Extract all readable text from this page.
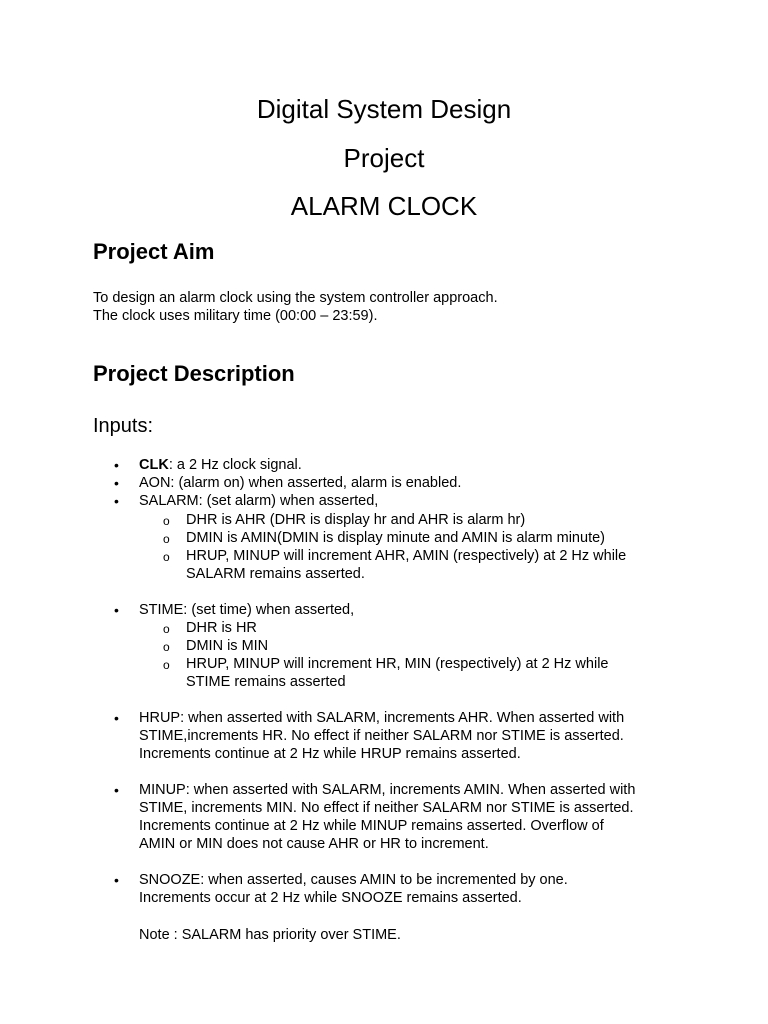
Digital System Design
Project
ALARM CLOCK
Project Aim
To design an alarm clock using the system controller approach.
The clock uses military time (00:00 – 23:59).
Project Description
Inputs:
• CLK: a 2 Hz clock signal.
• AON: (alarm on) when asserted, alarm is enabled.
• SALARM: (set alarm) when asserted,
o DHR is AHR (DHR is display hr and AHR is alarm hr)
o DMIN is AMIN(DMIN is display minute and AMIN is alarm minute)
o HRUP, MINUP will increment AHR, AMIN (respectively) at 2 Hz while
SALARM remains asserted.
• STIME: (set time) when asserted,
o DHR is HR
o DMIN is MIN
o HRUP, MINUP will increment HR, MIN (respectively) at 2 Hz while
STIME remains asserted
• HRUP: when asserted with SALARM, increments AHR. When asserted with
STIME,increments HR. No effect if neither SALARM nor STIME is asserted.
Increments continue at 2 Hz while HRUP remains asserted.
• MINUP: when asserted with SALARM, increments AMIN. When asserted with
STIME, increments MIN. No effect if neither SALARM nor STIME is asserted.
Increments continue at 2 Hz while MINUP remains asserted. Overflow of
AMIN or MIN does not cause AHR or HR to increment.
• SNOOZE: when asserted, causes AMIN to be incremented by one.
Increments occur at 2 Hz while SNOOZE remains asserted.
Note : SALARM has priority over STIME.
